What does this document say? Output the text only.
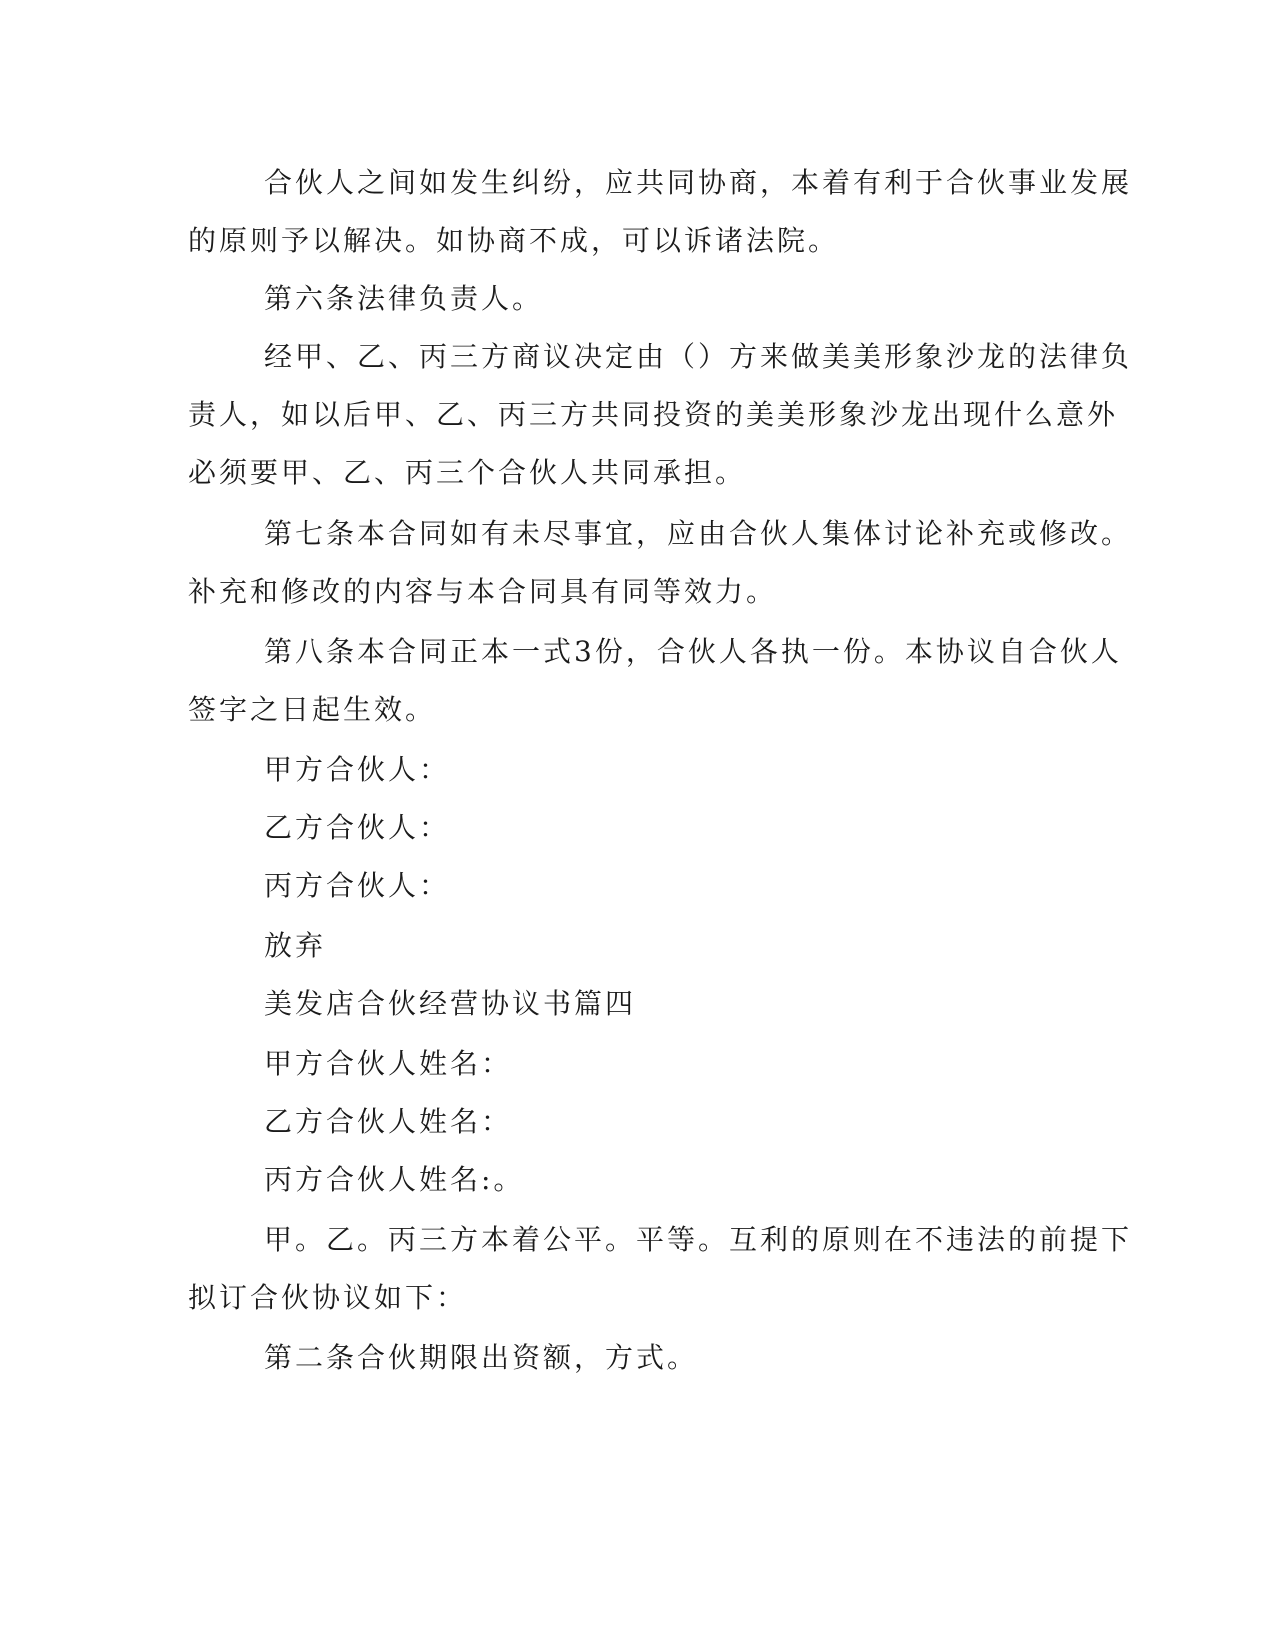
合伙人之间如发生纠纷，应共同协商，本着有利于合伙事业发展
的原则予以解决。如协商不成，可以诉诸法院。
第六条法律负责人。
经甲、乙、丙三方商议决定由（）方来做美美形象沙龙的法律负
责人，如以后甲、乙、丙三方共同投资的美美形象沙龙出现什么意外
必须要甲、乙、丙三个合伙人共同承担。
第七条本合同如有未尽事宜，应由合伙人集体讨论补充或修改。
补充和修改的内容与本合同具有同等效力。
第八条本合同正本一式3份，合伙人各执一份。本协议自合伙人
签字之日起生效。
甲方合伙人：
乙方合伙人：
丙方合伙人：
放弃
美发店合伙经营协议书篇四
甲方合伙人姓名：
乙方合伙人姓名：
丙方合伙人姓名:。
甲。乙。丙三方本着公平。平等。互利的原则在不违法的前提下
拟订合伙协议如下：
第二条合伙期限出资额，方式。
